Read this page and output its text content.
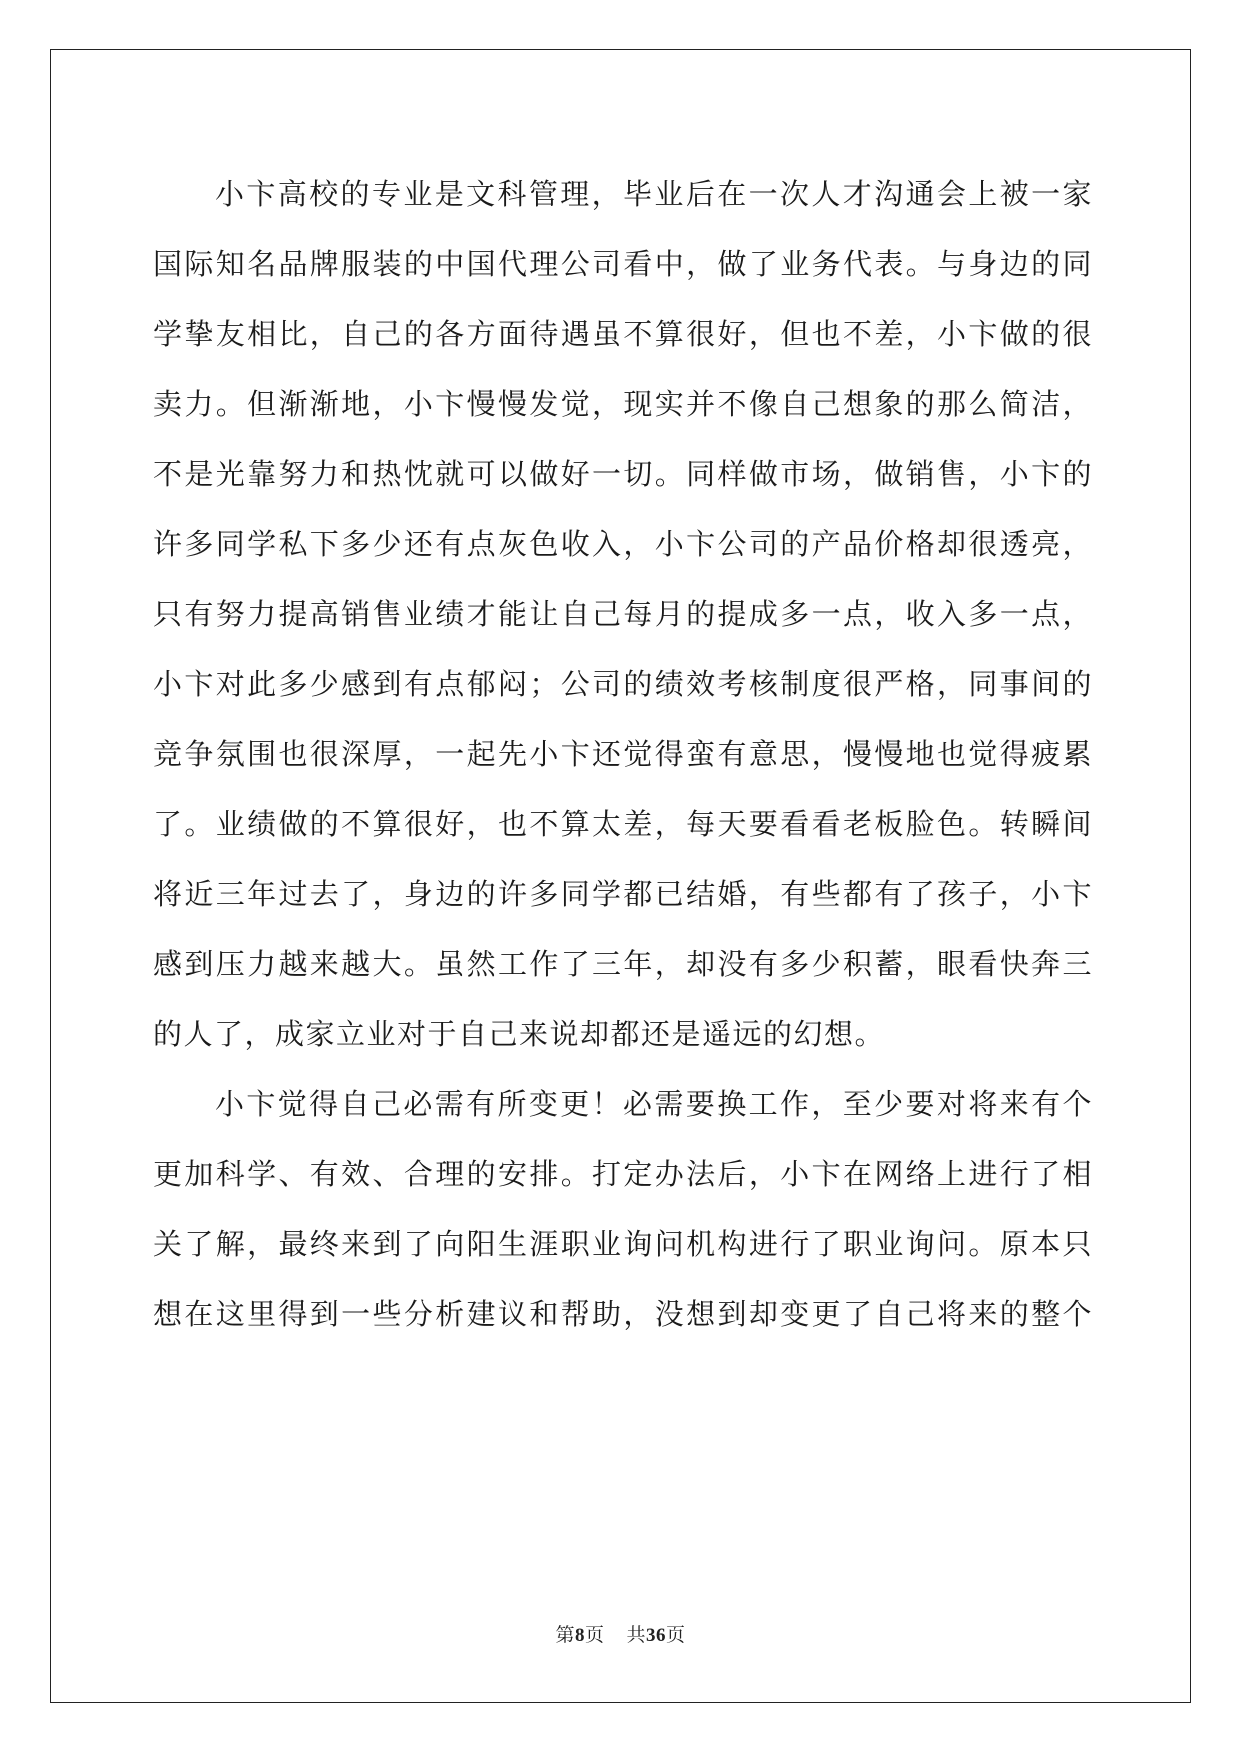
小卞高校的专业是文科管理，毕业后在一次人才沟通会上被一家
国际知名品牌服装的中国代理公司看中，做了业务代表。与身边的同
学挚友相比，自己的各方面待遇虽不算很好，但也不差，小卞做的很
卖力。但渐渐地，小卞慢慢发觉，现实并不像自己想象的那么简洁，
不是光靠努力和热忱就可以做好一切。同样做市场，做销售，小卞的
许多同学私下多少还有点灰色收入，小卞公司的产品价格却很透亮，
只有努力提高销售业绩才能让自己每月的提成多一点，收入多一点，
小卞对此多少感到有点郁闷；公司的绩效考核制度很严格，同事间的
竞争氛围也很深厚，一起先小卞还觉得蛮有意思，慢慢地也觉得疲累
了。业绩做的不算很好，也不算太差，每天要看看老板脸色。转瞬间
将近三年过去了，身边的许多同学都已结婚，有些都有了孩子，小卞
感到压力越来越大。虽然工作了三年，却没有多少积蓄，眼看快奔三
的人了，成家立业对于自己来说却都还是遥远的幻想。
小卞觉得自己必需有所变更！必需要换工作，至少要对将来有个
更加科学、有效、合理的安排。打定办法后，小卞在网络上进行了相
关了解，最终来到了向阳生涯职业询问机构进行了职业询问。原本只
想在这里得到一些分析建议和帮助，没想到却变更了自己将来的整个
第8页 共36页
